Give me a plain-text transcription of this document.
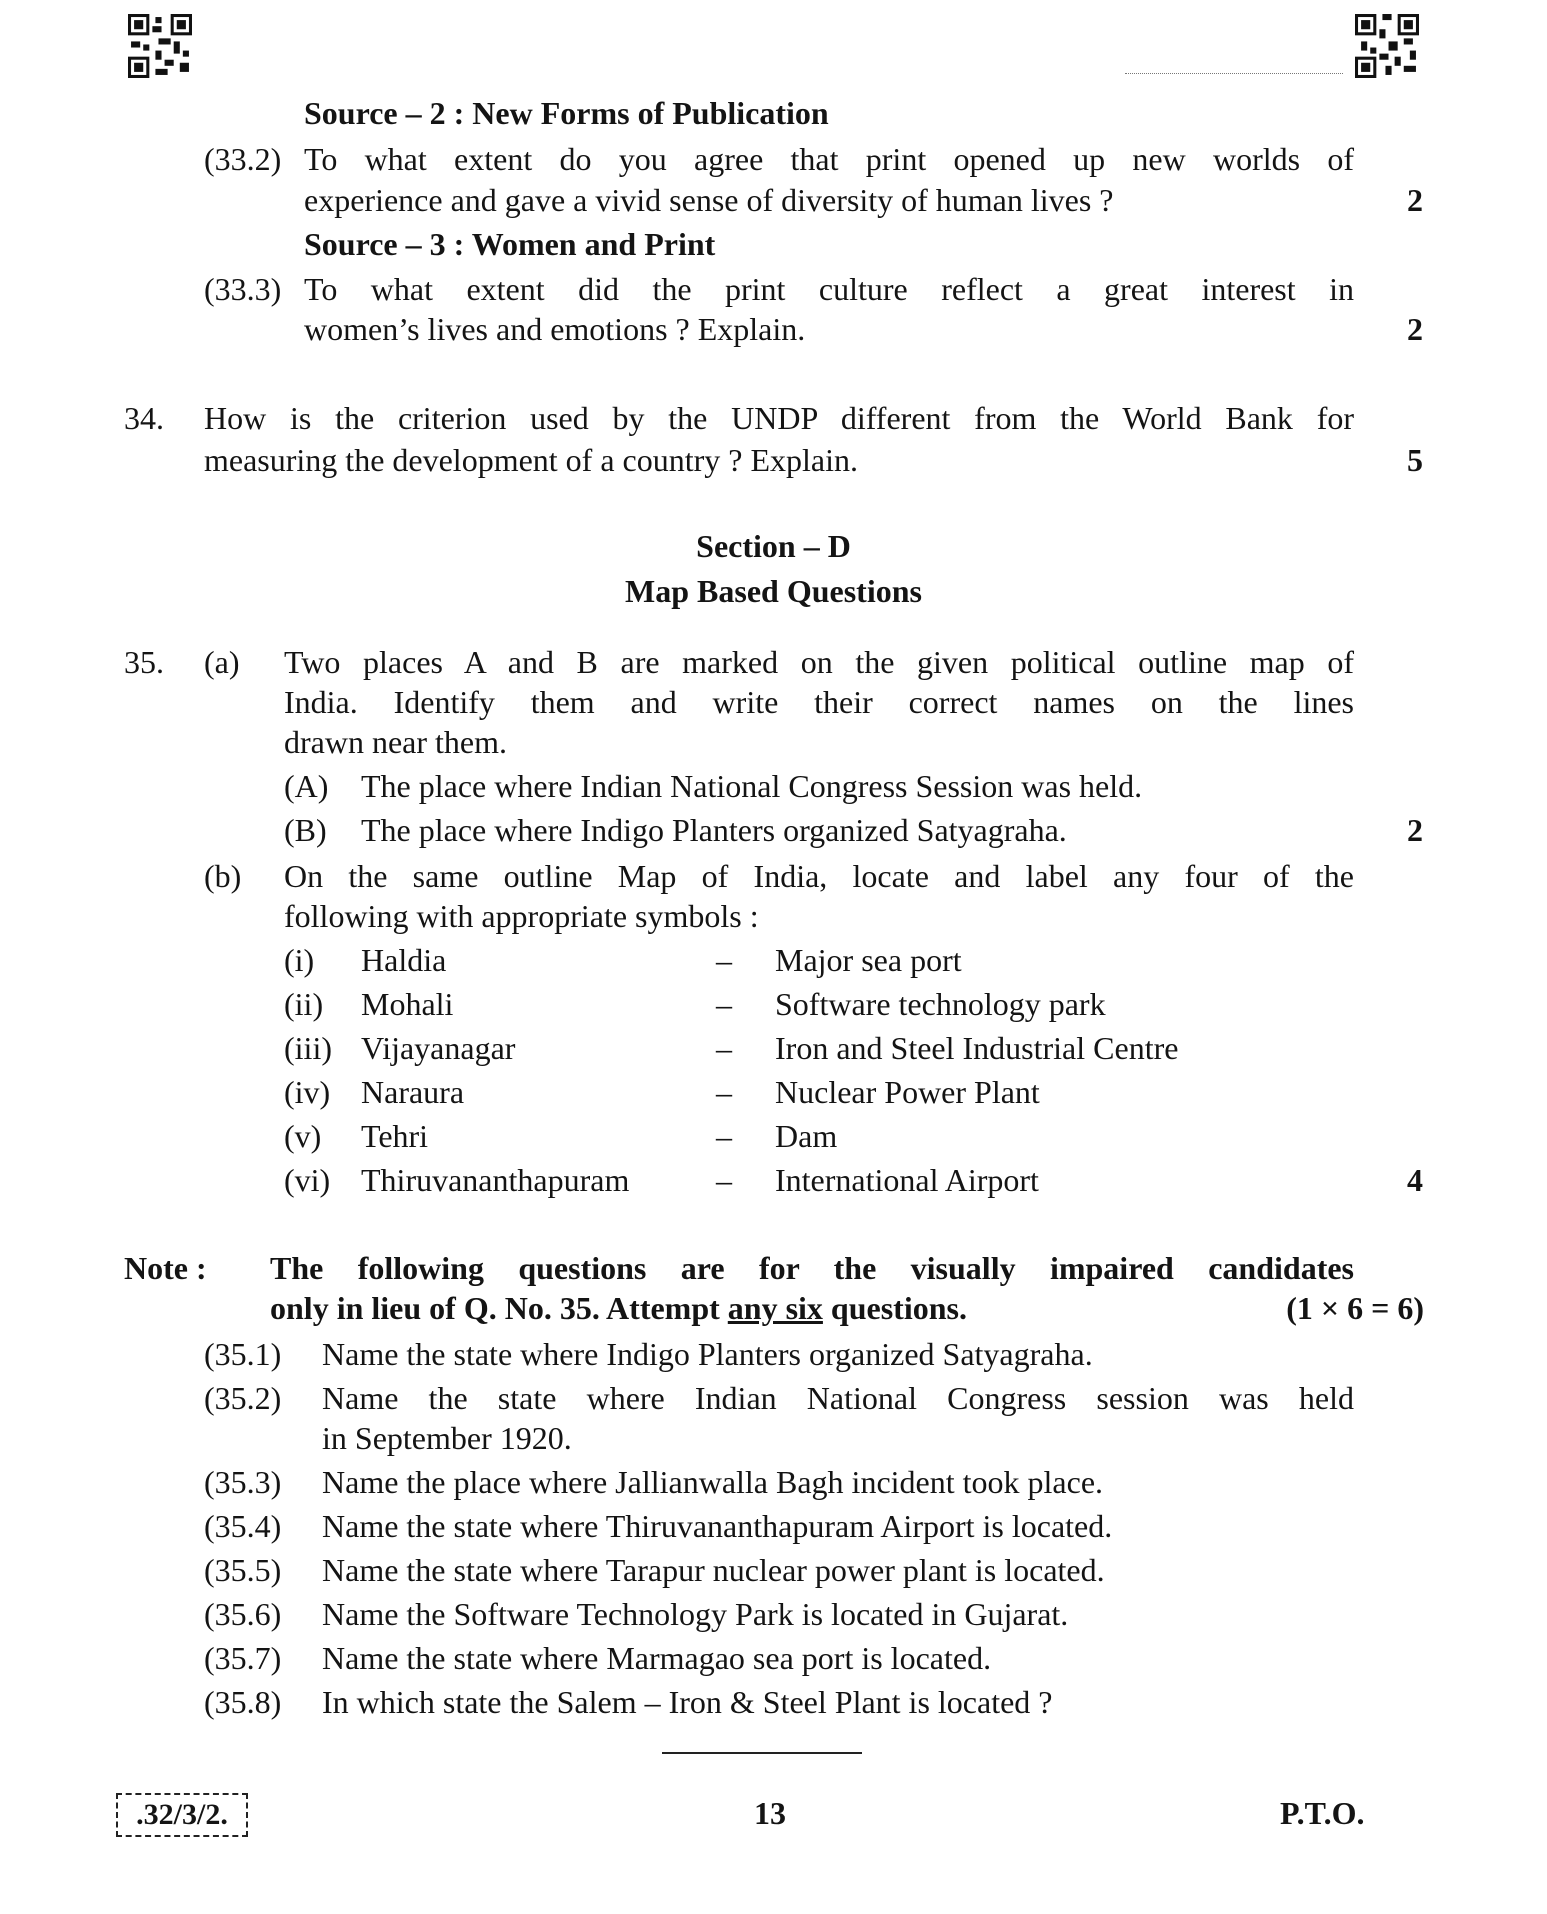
Source – 2 : New Forms of Publication
(33.2) To what extent do you agree that print opened up new worlds of
experience and gave a vivid sense of diversity of human lives ?	2
Source – 3 : Women and Print
(33.3) To what extent did the print culture reflect a great interest in
women’s lives and emotions ? Explain.	2
34. How is the criterion used by the UNDP different from the World Bank for
measuring the development of a country ? Explain.	5
Section – D
Map Based Questions
35. (a) Two places A and B are marked on the given political outline map of
India. Identify them and write their correct names on the lines
drawn near them.
(A) The place where Indian National Congress Session was held.
(B) The place where Indigo Planters organized Satyagraha.	2
(b) On the same outline Map of India, locate and label any four of the
following with appropriate symbols :
(i) Haldia	– Major sea port
(ii) Mohali	– Software technology park
(iii) Vijayanagar	– Iron and Steel Industrial Centre
(iv) Naraura	– Nuclear Power Plant
(v) Tehri	– Dam
(vi) Thiruvananthapuram	– International Airport	4
Note : The following questions are for the visually impaired candidates
only in lieu of Q. No. 35. Attempt any six questions.	(1 × 6 = 6)
(35.1) Name the state where Indigo Planters organized Satyagraha.
(35.2) Name the state where Indian National Congress session was held
in September 1920.
(35.3) Name the place where Jallianwalla Bagh incident took place.
(35.4) Name the state where Thiruvananthapuram Airport is located.
(35.5) Name the state where Tarapur nuclear power plant is located.
(35.6) Name the Software Technology Park is located in Gujarat.
(35.7) Name the state where Marmagao sea port is located.
(35.8) In which state the Salem – Iron & Steel Plant is located ?
.32/3/2.	13	P.T.O.
